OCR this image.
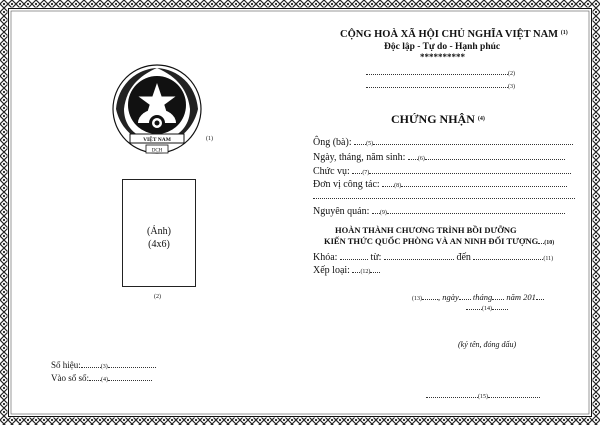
CỘNG HOÀ XÃ HỘI CHỦ NGHĨA VIỆT NAM $^{(1)}$
Độc lập - Tự do - Hạnh phúc
**********
(2)
(3)
VIỆT NAM
DCH
(1)
(Ảnh)
(4x6)
(2)
CHỨNG NHẬN $^{(4)}$
Ông (bà): (5)
Ngày, tháng, năm sinh: (6)
Chức vụ: (7)
Đơn vị công tác: (8)
Nguyên quán: (9)
HOÀN THÀNH CHƯƠNG TRÌNH BỒI DƯỠNG
KIẾN THỨC QUỐC PHÒNG VÀ AN NINH ĐỐI TƯỢNG (10)
Khóa:	từ:	đến	(11)
Xếp loại: (12)
(13) , ngày tháng năm 201
(14)
(ký tên, đóng dấu)
(15)
Số hiệu:	(3)
Vào sổ số: (4)
